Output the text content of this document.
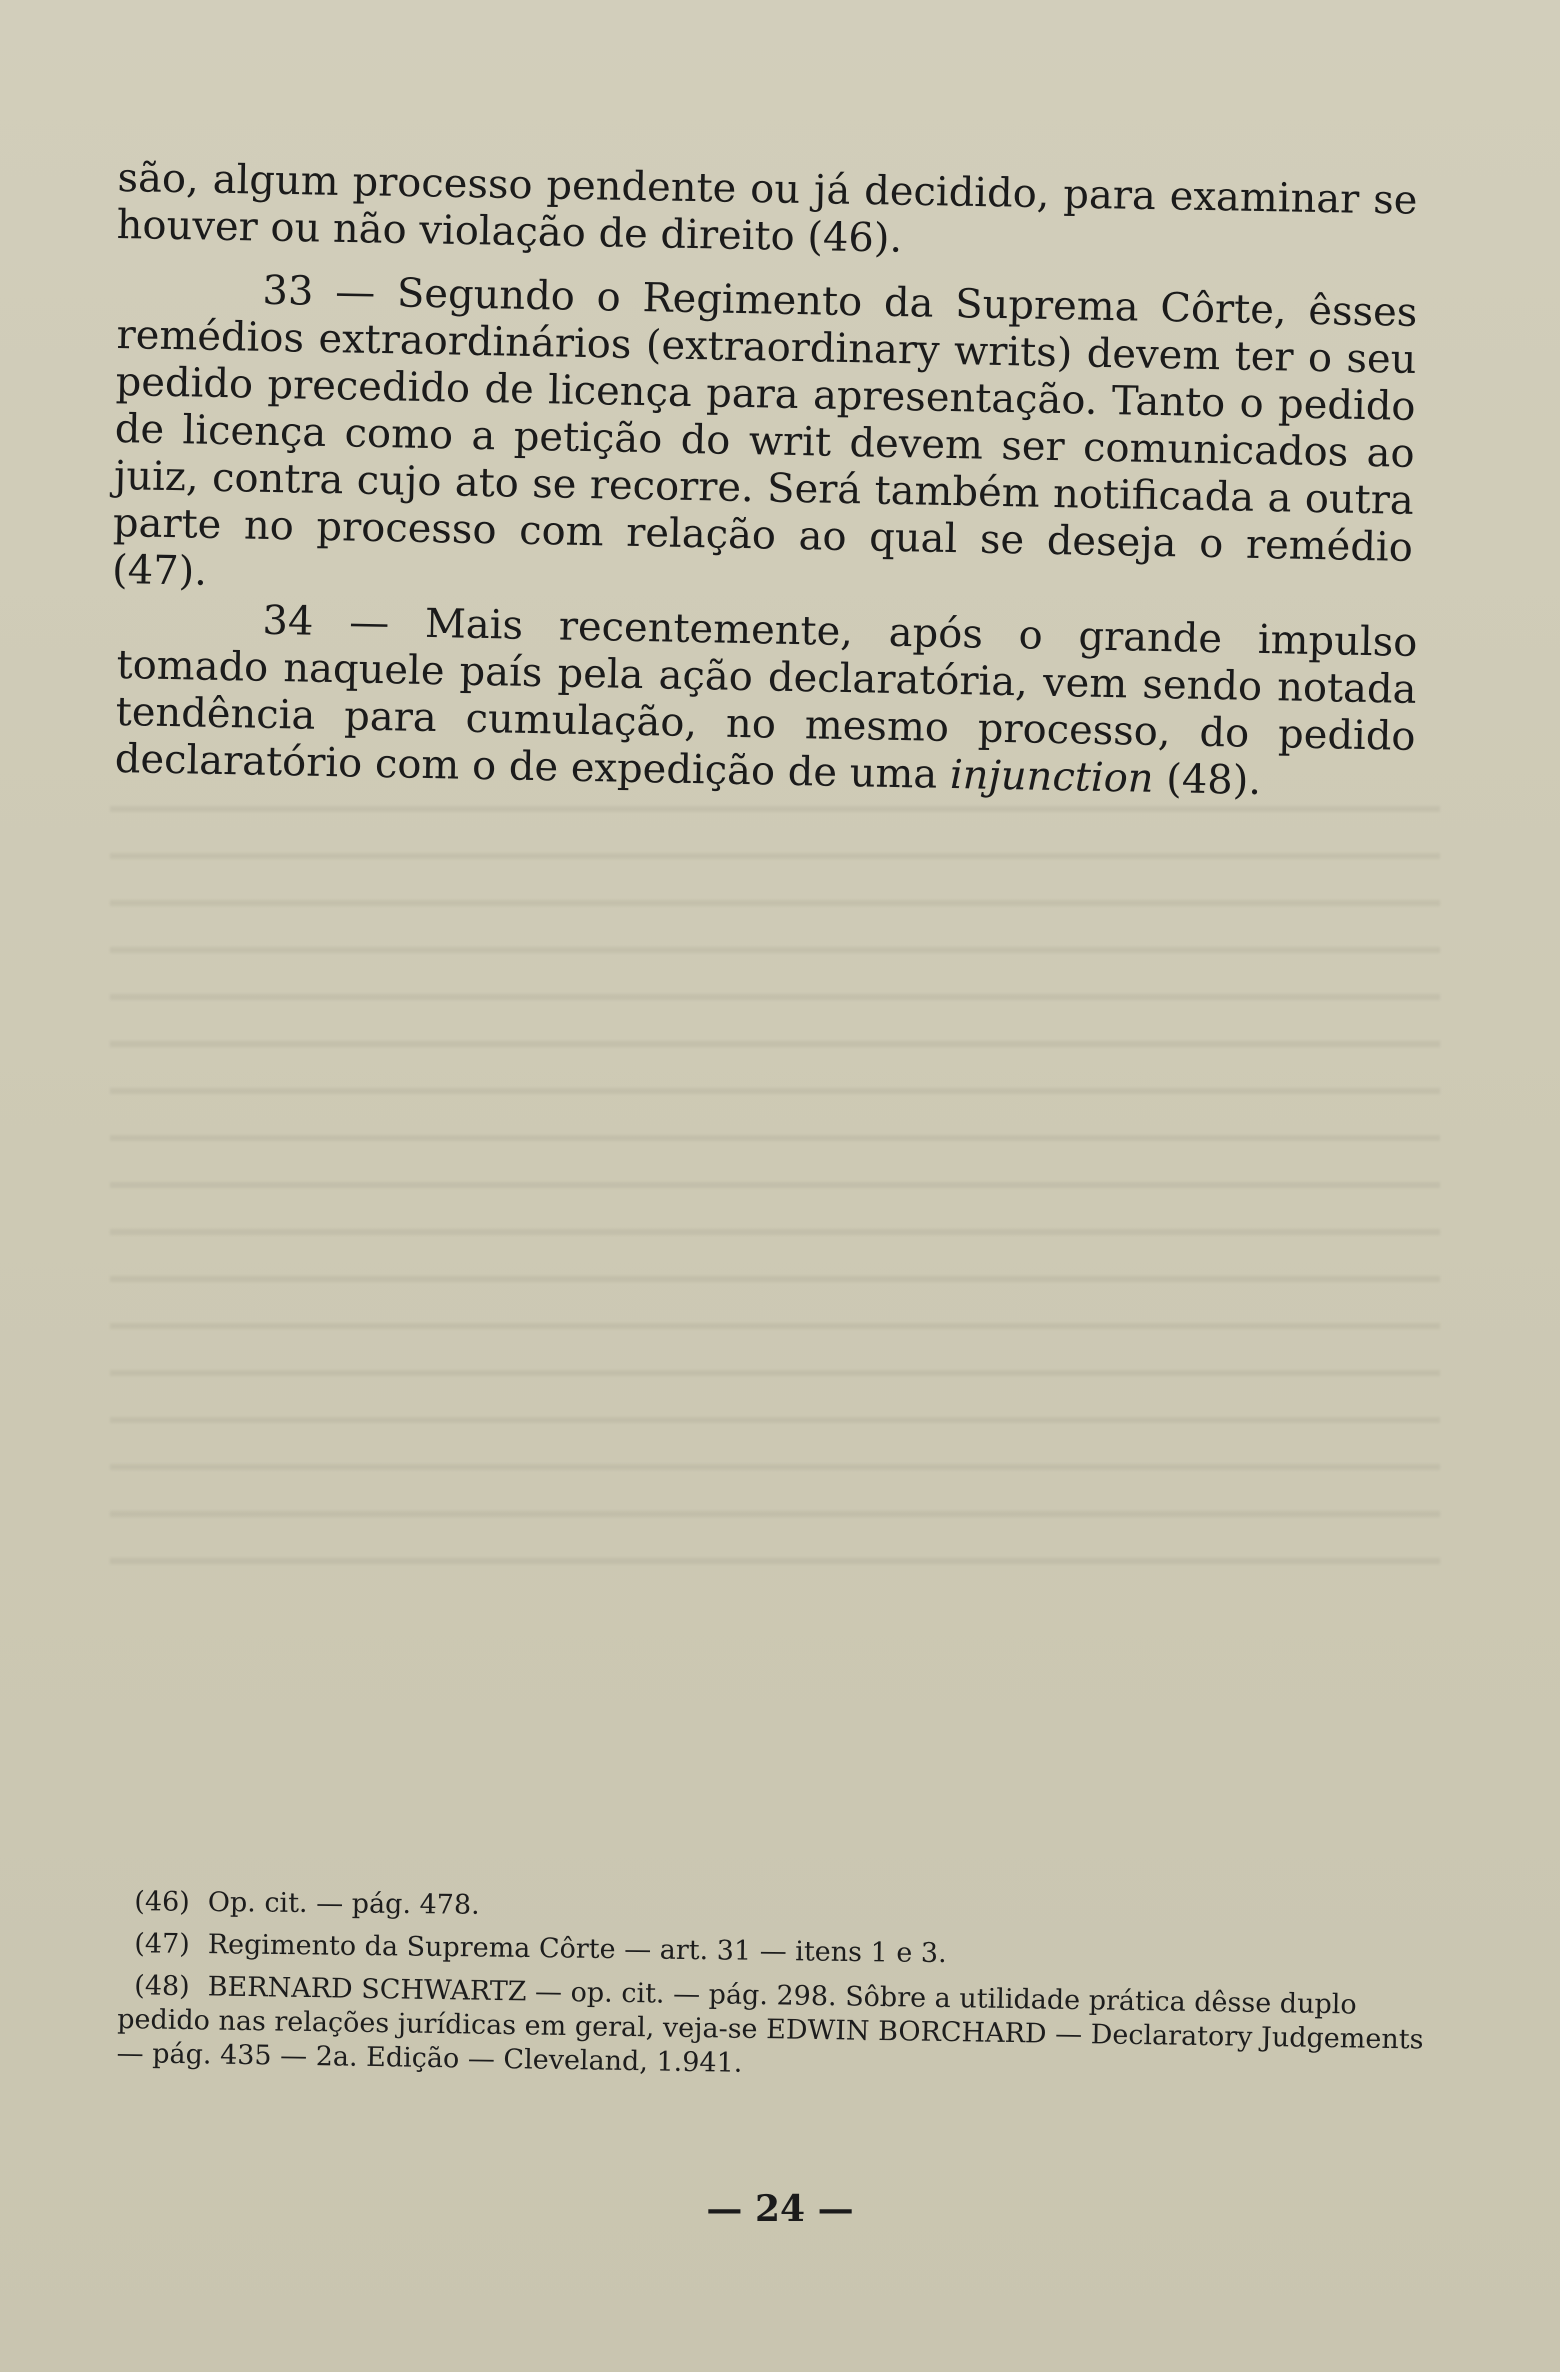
são, algum processo pendente ou já decidido, para examinar se houver ou não violação de direito (46).

33 — Segundo o Regimento da Suprema Côrte, êsses remédios extraordinários (extraordinary writs) devem ter o seu pedido precedido de licença para apresentação. Tanto o pedido de licença como a petição do writ devem ser comunicados ao juiz, contra cujo ato se recorre. Será também notificada a outra parte no processo com relação ao qual se deseja o remédio (47).

34 — Mais recentemente, após o grande impulso tomado naquele país pela ação declaratória, vem sendo notada tendência para cumulação, no mesmo processo, do pedido declaratório com o de expedição de uma injunction (48).

(46) Op. cit. — pág. 478.

(47) Regimento da Suprema Côrte — art. 31 — itens 1 e 3.

(48) BERNARD SCHWARTZ — op. cit. — pág. 298. Sôbre a utilidade prática dêsse duplo pedido nas relações jurídicas em geral, veja-se EDWIN BORCHARD — Declaratory Judgements — pág. 435 — 2a. Edição — Cleveland, 1.941.

— 24 —
